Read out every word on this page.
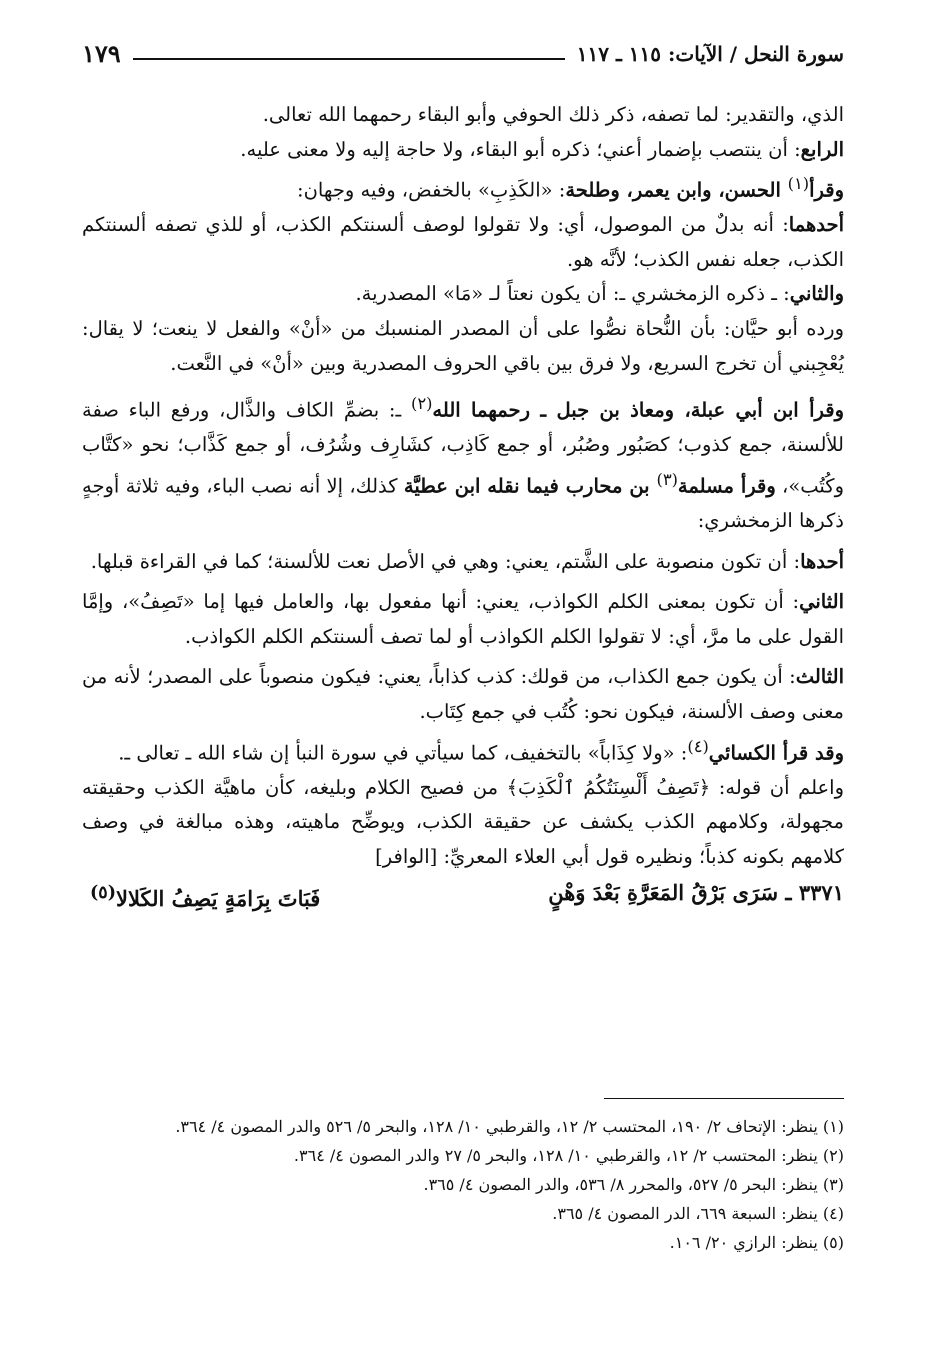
سورة النحل / الآيات: ١١٥ ـ ١١٧
١٧٩

الذي، والتقدير: لما تصفه، ذكر ذلك الحوفي وأبو البقاء رحمهما الله تعالى.

الرابع: أن ينتصب بإضمار أعني؛ ذكره أبو البقاء، ولا حاجة إليه ولا معنى عليه.

وقرأ$^{(١)}$ الحسن، وابن يعمر، وطلحة: «الكَذِبِ» بالخفض، وفيه وجهان:

أحدهما: أنه بدلٌ من الموصول، أي: ولا تقولوا لوصف ألسنتكم الكذب، أو للذي تصفه ألسنتكم الكذب، جعله نفس الكذب؛ لأنَّه هو.

والثاني: ـ ذكره الزمخشري ـ: أن يكون نعتاً لـ «مَا» المصدرية.

ورده أبو حيَّان: بأن النُّحاة نصُّوا على أن المصدر المنسبك من «أنْ» والفعل لا ينعت؛ لا يقال: يُعْجِبني أن تخرج السريع، ولا فرق بين باقي الحروف المصدرية وبين «أنْ» في النَّعت.

وقرأ ابن أبي عبلة، ومعاذ بن جبل ـ رحمهما الله$^{(٢)}$ ـ: بضمِّ الكاف والذَّال، ورفع الباء صفة للألسنة، جمع كذوب؛ كصَبُور وصُبُر، أو جمع كَاذِب، كشَارِف وشُرُف، أو جمع كَذَّاب؛ نحو «كتَّاب وكُتُب»، وقرأ مسلمة$^{(٣)}$ بن محارب فيما نقله ابن عطيَّة كذلك، إلا أنه نصب الباء، وفيه ثلاثة أوجهٍ ذكرها الزمخشري:

أحدها: أن تكون منصوبة على الشَّتم، يعني: وهي في الأصل نعت للألسنة؛ كما في القراءة قبلها.

الثاني: أن تكون بمعنى الكلم الكواذب، يعني: أنها مفعول بها، والعامل فيها إما «تَصِفُ»، وإمَّا القول على ما مرَّ، أي: لا تقولوا الكلم الكواذب أو لما تصف ألسنتكم الكلم الكواذب.

الثالث: أن يكون جمع الكذاب، من قولك: كذب كذاباً، يعني: فيكون منصوباً على المصدر؛ لأنه من معنى وصف الألسنة، فيكون نحو: كُتُب في جمع كِتَاب.

وقد قرأ الكسائي$^{(٤)}$: «ولا كِذَاباً» بالتخفيف، كما سيأتي في سورة النبأ إن شاء الله ـ تعالى ـ.

واعلم أن قوله: ﴿تَصِفُ أَلْسِنَتُكُمُ ٱلْكَذِبَ﴾ من فصيح الكلام وبليغه، كأن ماهيَّة الكذب وحقيقته مجهولة، وكلامهم الكذب يكشف عن حقيقة الكذب، ويوضِّح ماهيته، وهذه مبالغة في وصف كلامهم بكونه كذباً؛ ونظيره قول أبي العلاء المعريِّ: [الوافر]

٣٣٧١ ـ سَرَى بَرْقُ المَعَرَّةِ بَعْدَ وَهْنٍ
فَبَاتَ بِرَامَةٍ يَصِفُ الكَلالا$^{(٥)}$

(١) ينظر: الإتحاف ٢/ ١٩٠، المحتسب ٢/ ١٢، والقرطبي ١٠/ ١٢٨، والبحر ٥/ ٥٢٦ والدر المصون ٤/ ٣٦٤.

(٢) ينظر: المحتسب ٢/ ١٢، والقرطبي ١٠/ ١٢٨، والبحر ٥/ ٢٧ والدر المصون ٤/ ٣٦٤.

(٣) ينظر: البحر ٥/ ٥٢٧، والمحرر ٨/ ٥٣٦، والدر المصون ٤/ ٣٦٥.

(٤) ينظر: السبعة ٦٦٩، الدر المصون ٤/ ٣٦٥.

(٥) ينظر: الرازي ٢٠/ ١٠٦.
